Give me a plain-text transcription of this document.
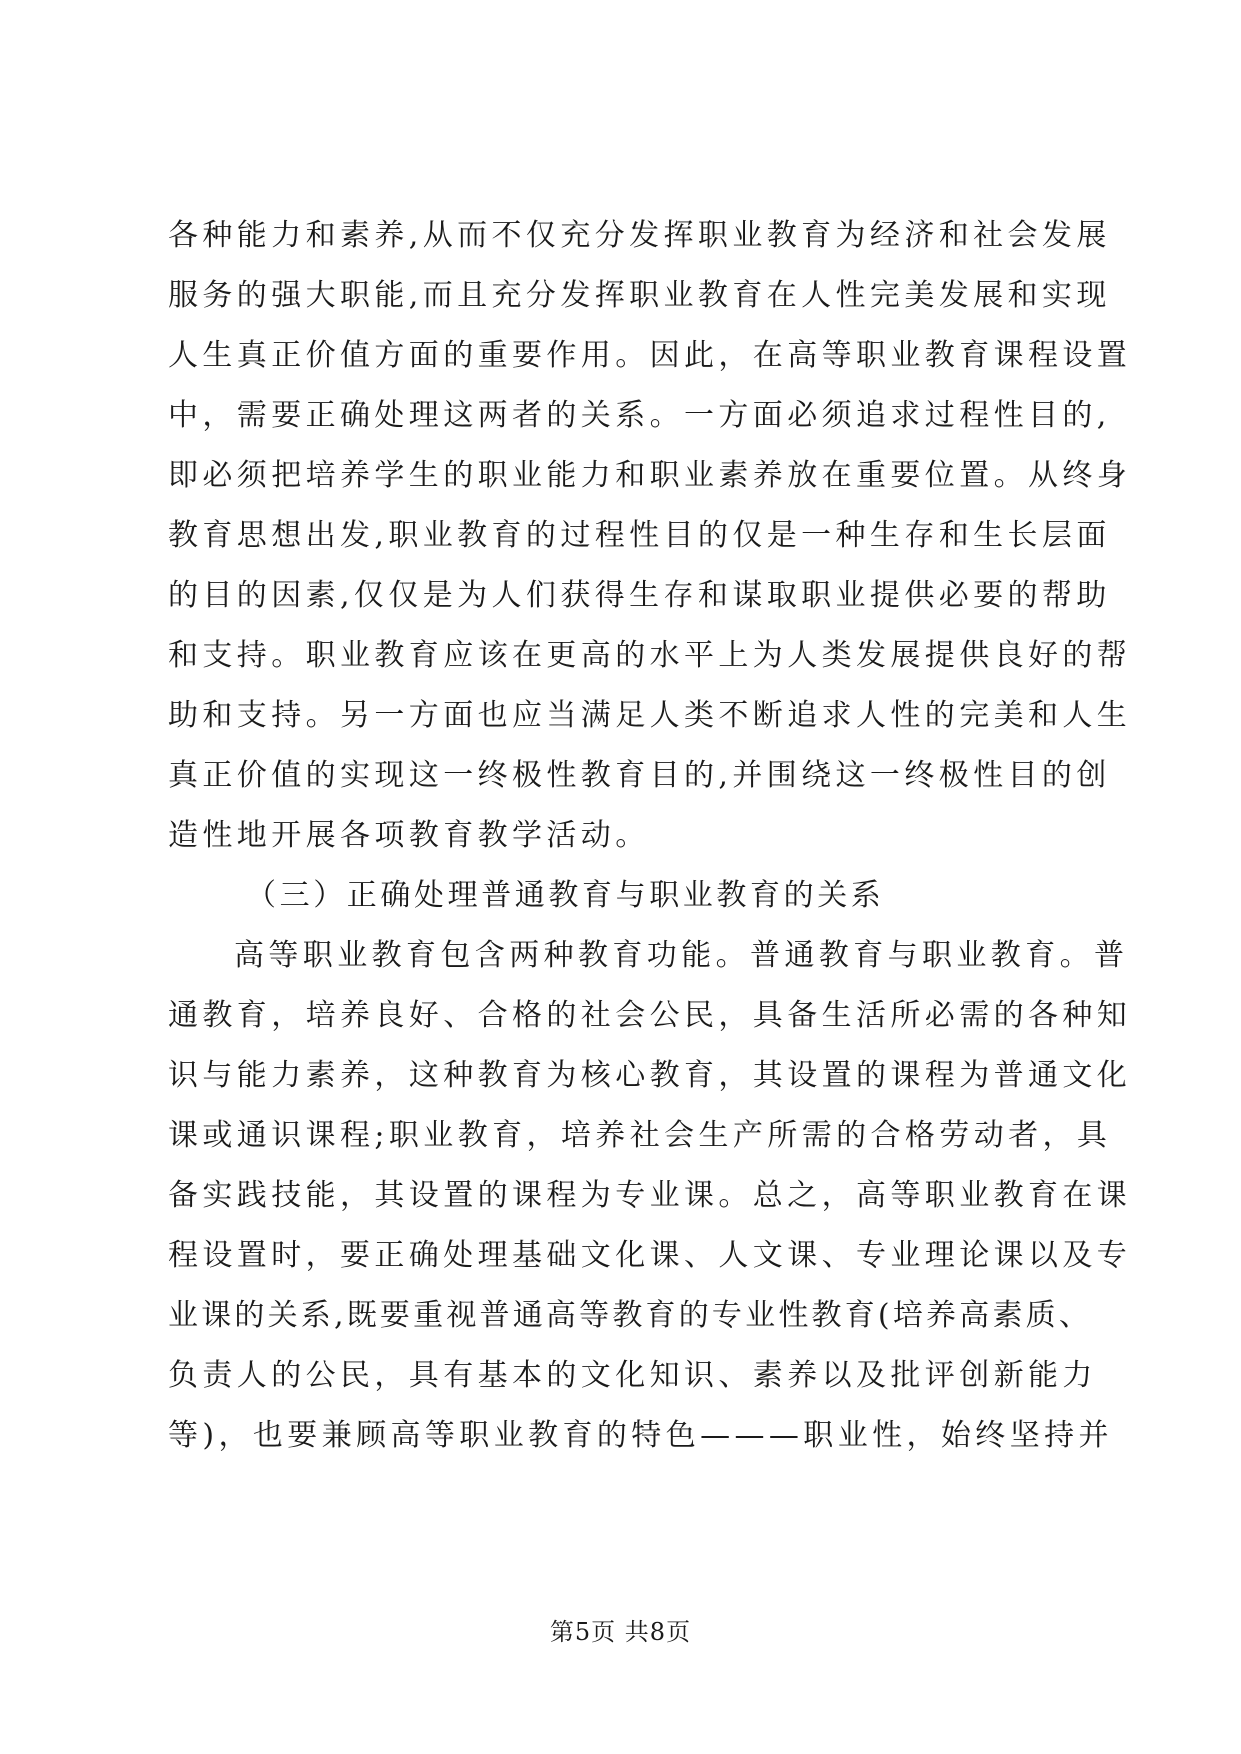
各种能力和素养,从而不仅充分发挥职业教育为经济和社会发展
服务的强大职能,而且充分发挥职业教育在人性完美发展和实现
人生真正价值方面的重要作用。因此，在高等职业教育课程设置
中，需要正确处理这两者的关系。一方面必须追求过程性目的,
即必须把培养学生的职业能力和职业素养放在重要位置。从终身
教育思想出发,职业教育的过程性目的仅是一种生存和生长层面
的目的因素,仅仅是为人们获得生存和谋取职业提供必要的帮助
和支持。职业教育应该在更高的水平上为人类发展提供良好的帮
助和支持。另一方面也应当满足人类不断追求人性的完美和人生
真正价值的实现这一终极性教育目的,并围绕这一终极性目的创
造性地开展各项教育教学活动。
（三）正确处理普通教育与职业教育的关系
高等职业教育包含两种教育功能。普通教育与职业教育。普
通教育，培养良好、合格的社会公民，具备生活所必需的各种知
识与能力素养，这种教育为核心教育，其设置的课程为普通文化
课或通识课程;职业教育，培养社会生产所需的合格劳动者，具
备实践技能，其设置的课程为专业课。总之，高等职业教育在课
程设置时，要正确处理基础文化课、人文课、专业理论课以及专
业课的关系,既要重视普通高等教育的专业性教育(培养高素质、
负责人的公民，具有基本的文化知识、素养以及批评创新能力
等)，也要兼顾高等职业教育的特色———职业性，始终坚持并
第5页 共8页
